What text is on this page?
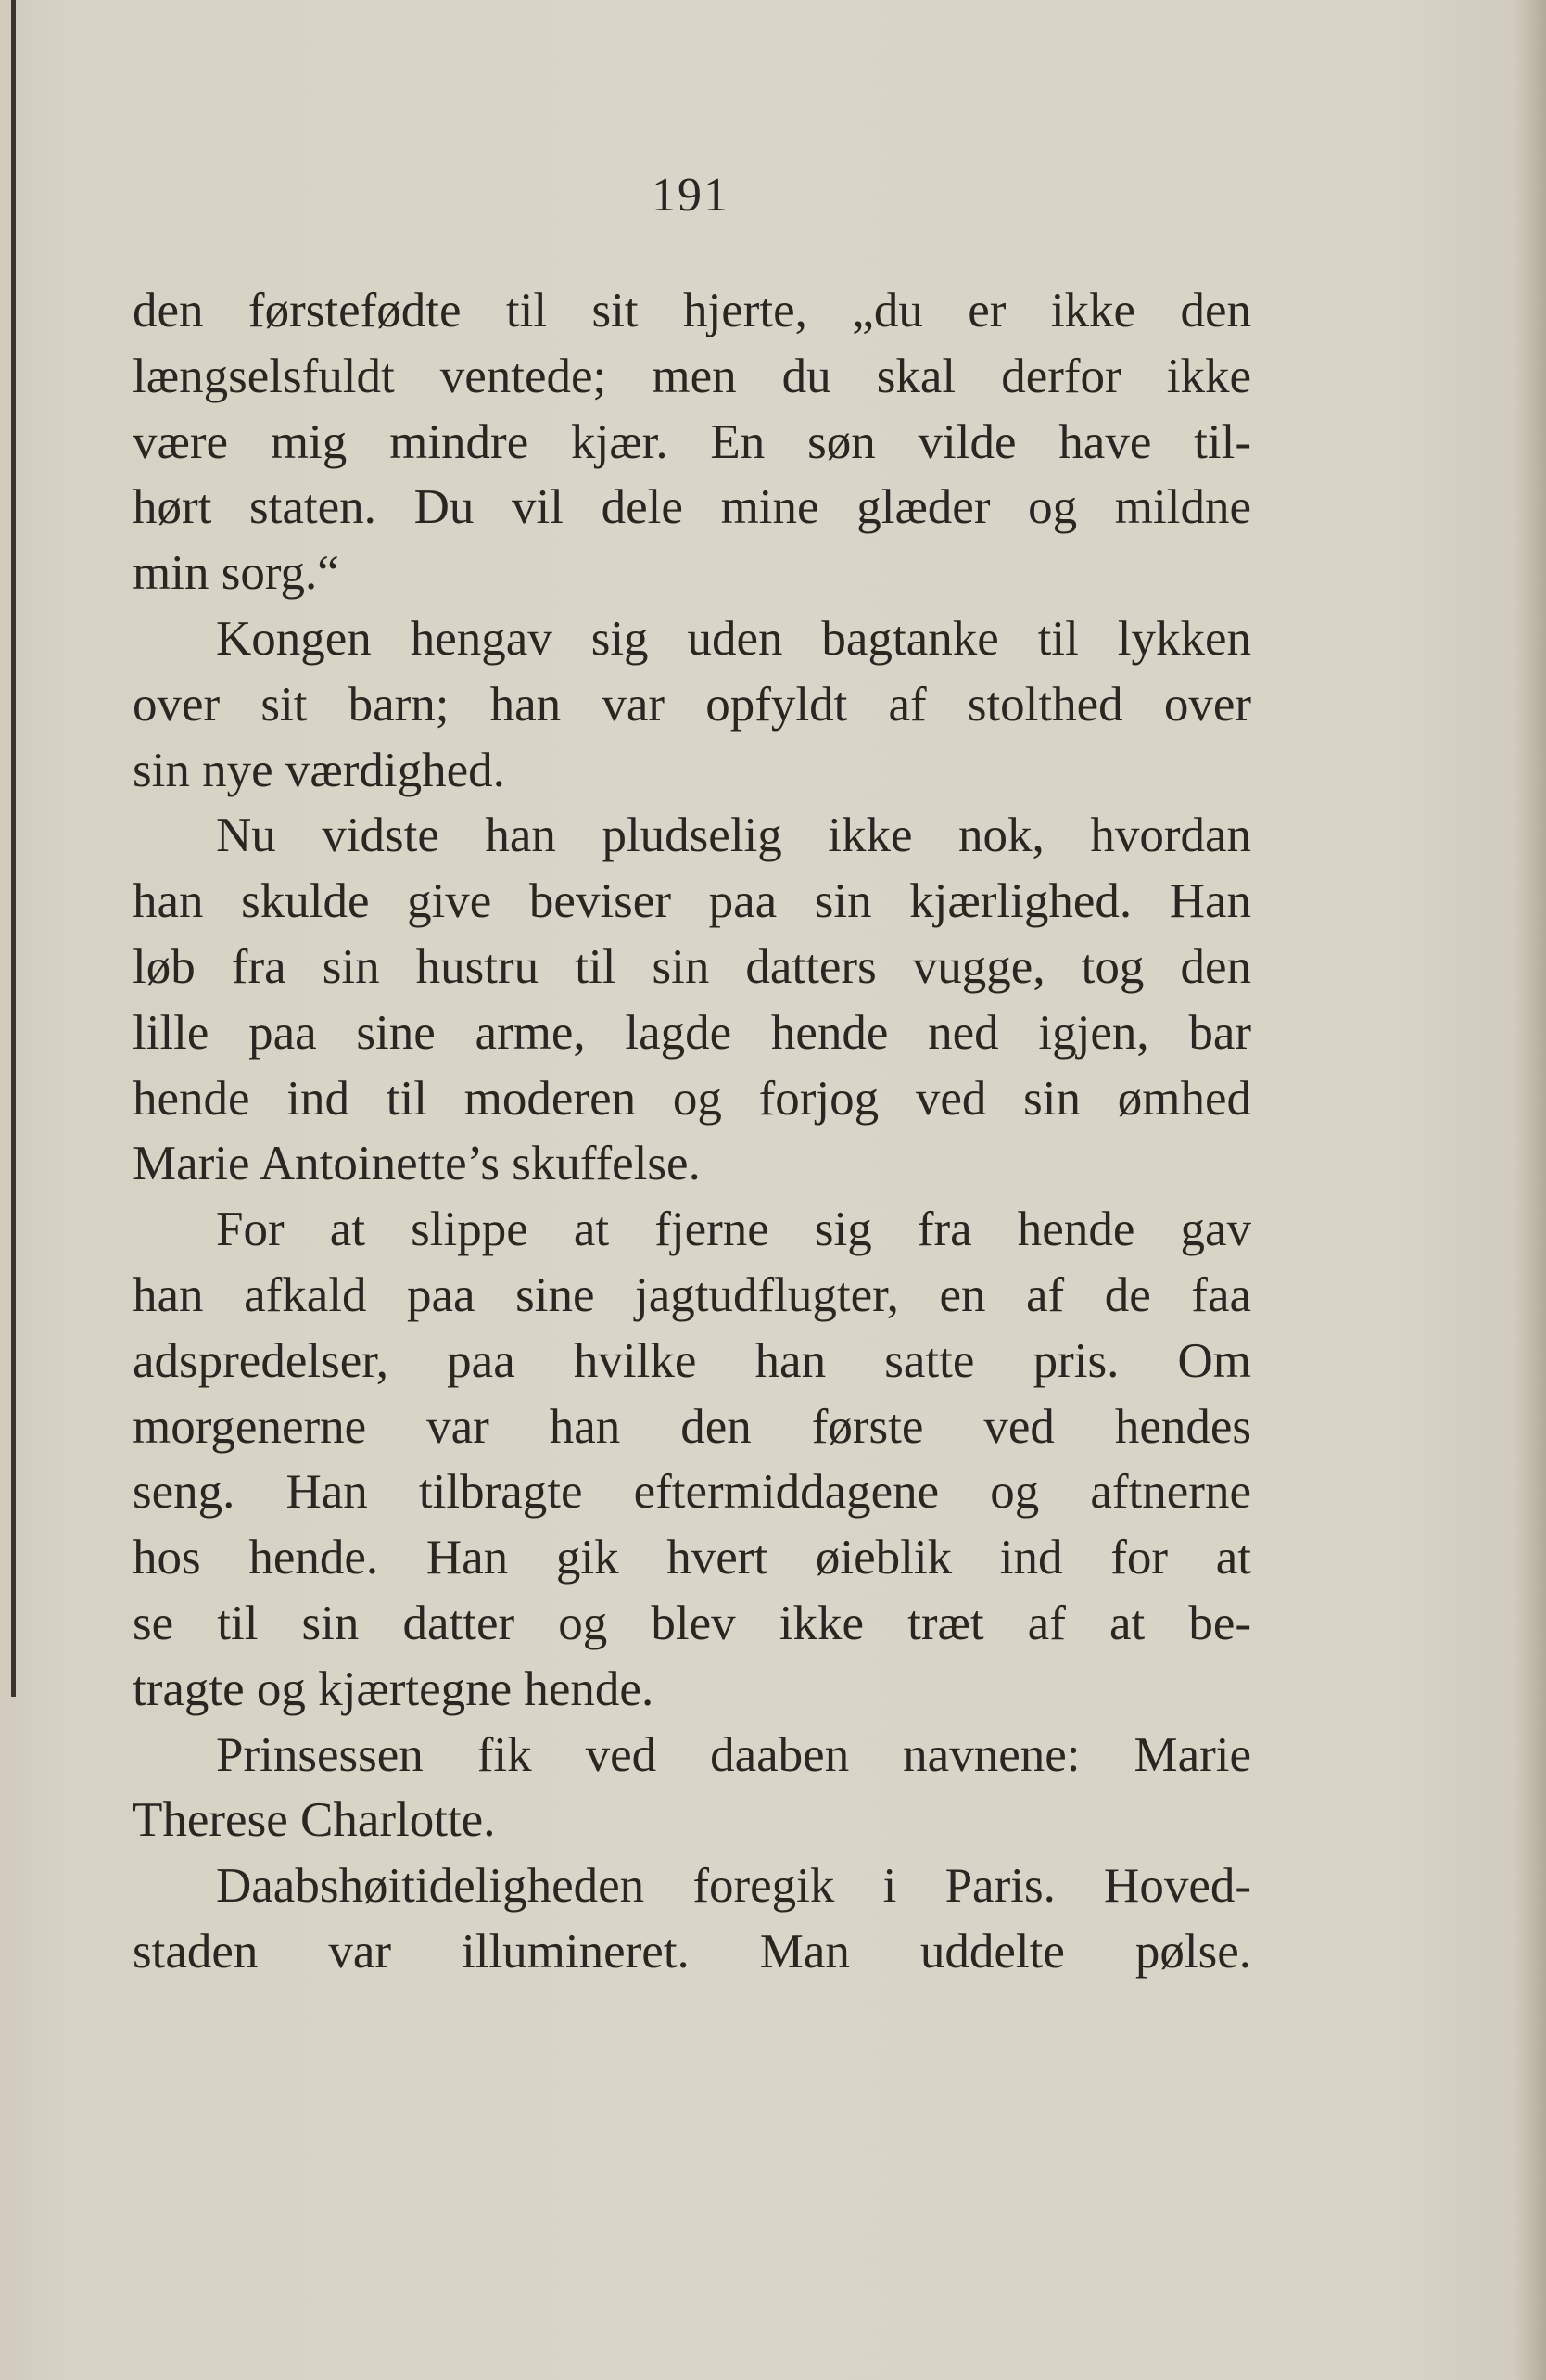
191
den førstefødte til sit hjerte, „du er ikke den
længselsfuldt ventede; men du skal derfor ikke
være mig mindre kjær. En søn vilde have til-
hørt staten. Du vil dele mine glæder og mildne
min sorg.“
Kongen hengav sig uden bagtanke til lykken
over sit barn; han var opfyldt af stolthed over
sin nye værdighed.
Nu vidste han pludselig ikke nok, hvordan
han skulde give beviser paa sin kjærlighed. Han
løb fra sin hustru til sin datters vugge, tog den
lille paa sine arme, lagde hende ned igjen, bar
hende ind til moderen og forjog ved sin ømhed
Marie Antoinette’s skuffelse.
For at slippe at fjerne sig fra hende gav
han afkald paa sine jagtudflugter, en af de faa
adspredelser, paa hvilke han satte pris. Om
morgenerne var han den første ved hendes
seng. Han tilbragte eftermiddagene og aftnerne
hos hende. Han gik hvert øieblik ind for at
se til sin datter og blev ikke træt af at be-
tragte og kjærtegne hende.
Prinsessen fik ved daaben navnene: Marie
Therese Charlotte.
Daabshøitideligheden foregik i Paris. Hoved-
staden var illumineret. Man uddelte pølse.
